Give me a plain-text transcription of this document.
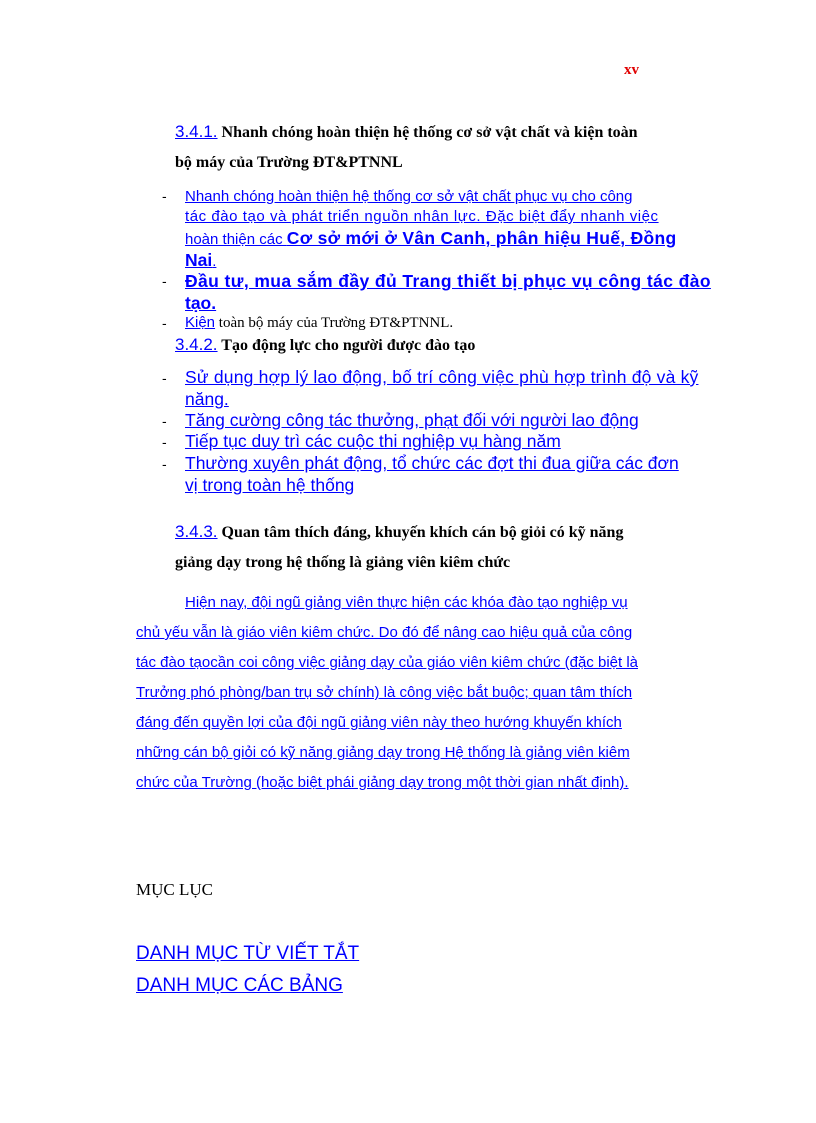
xv
3.4.1. Nhanh chóng hoàn thiện hệ thống cơ sở vật chất và kiện toàn
bộ máy của Trường ĐT&PTNNL
- Nhanh chóng hoàn thiện hệ thống cơ sở vật chất phục vụ cho công
tác đào tạo và phát triển nguồn nhân lực. Đặc biệt đẩy nhanh việc
hoàn thiện các Cơ sở mới ở Vân Canh, phân hiệu Huế, Đồng
Nai.
- Đầu tư, mua sắm đầy đủ Trang thiết bị phục vụ công tác đào
tạo.
- Kiện toàn bộ máy của Trường ĐT&PTNNL.
3.4.2. Tạo động lực cho người được đào tạo
- Sử dụng hợp lý lao động, bố trí công việc phù hợp trình độ và kỹ
năng.
- Tăng cường công tác thưởng, phạt đối với người lao động
- Tiếp tục duy trì các cuộc thi nghiệp vụ hàng năm
- Thường xuyên phát động, tổ chức các đợt thi đua giữa các đơn
vị trong toàn hệ thống
3.4.3. Quan tâm thích đáng, khuyến khích cán bộ giỏi có kỹ năng
giảng dạy trong hệ thống là giảng viên kiêm chức
Hiện nay, đội ngũ giảng viên thực hiện các khóa đào tạo nghiệp vụ
chủ yếu vẫn là giáo viên kiêm chức. Do đó để nâng cao hiệu quả của công
tác đào tạocần coi công việc giảng dạy của giáo viên kiêm chức (đặc biệt là
Trưởng phó phòng/ban trụ sở chính) là công việc bắt buộc; quan tâm thích
đáng đến quyền lợi của đội ngũ giảng viên này theo hướng khuyến khích
những cán bộ giỏi có kỹ năng giảng dạy trong Hệ thống là giảng viên kiêm
chức của Trường (hoặc biệt phái giảng dạy trong một thời gian nhất định).
MỤC LỤC
DANH MỤC TỪ VIẾT TẮT
DANH MỤC CÁC BẢNG
